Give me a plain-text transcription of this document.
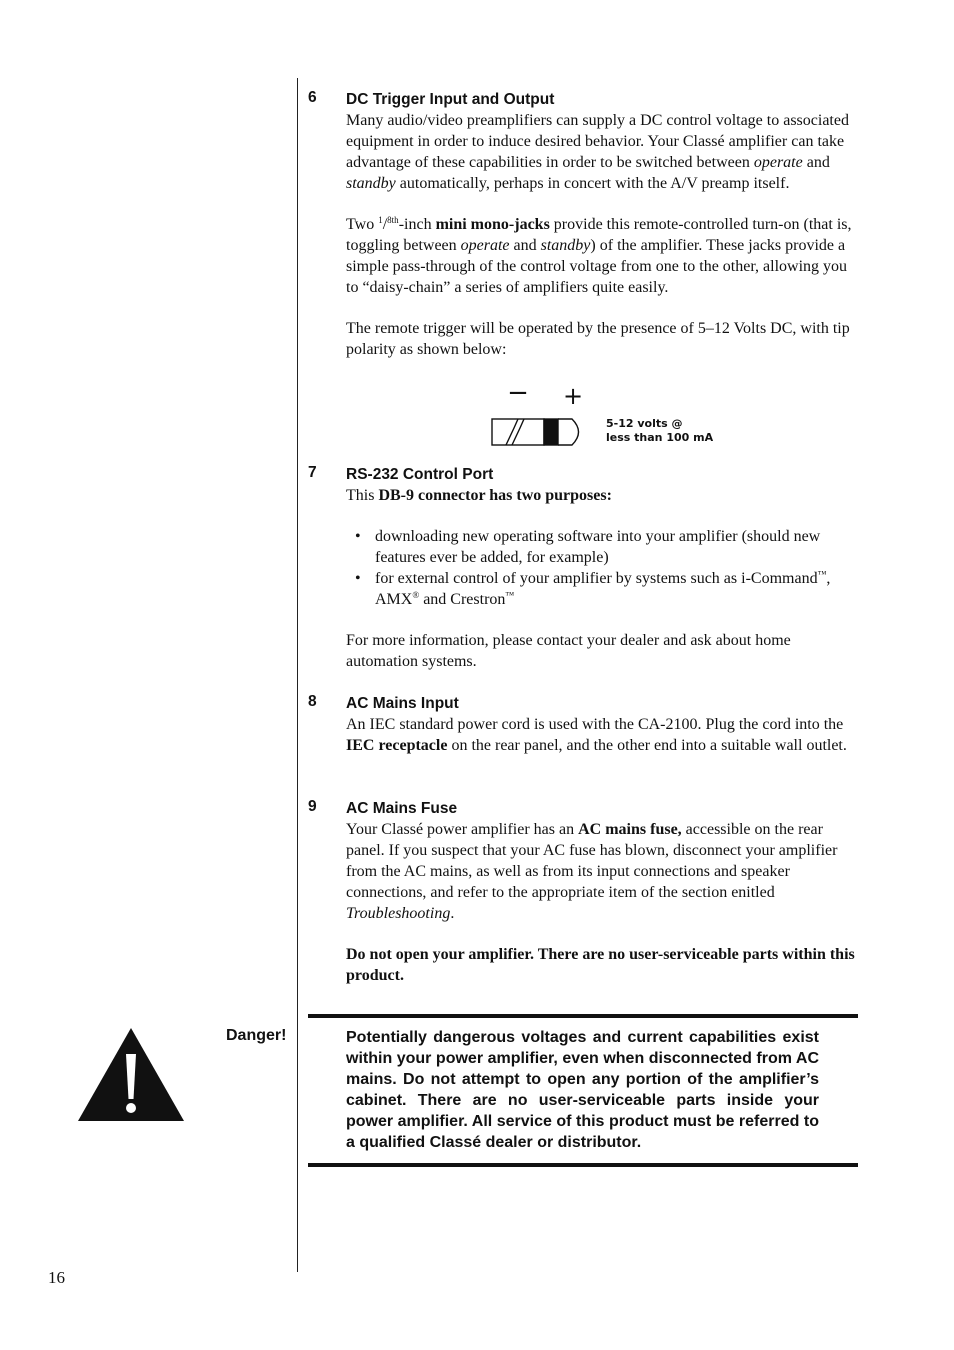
6 DC Trigger Input and Output

Many audio/video preamplifiers can supply a DC control voltage to associated equipment in order to induce desired behavior. Your Classé amplifier can take advantage of these capabilities in order to be switched between operate and standby automatically, perhaps in concert with the A/V preamp itself.

Two $^1$/$^{8th}$-inch mini mono-jacks provide this remote-controlled turn-on (that is, toggling between operate and standby) of the amplifier. These jacks provide a simple pass-through of the control voltage from one to the other, allowing you to “daisy-chain” a series of amplifiers quite easily.

The remote trigger will be operated by the presence of 5–12 Volts DC, with tip polarity as shown below:

− +
5-12 volts @
less than 100 mA
7 RS-232 Control Port

This DB-9 connector has two purposes:

• downloading new operating software into your amplifier (should new features ever be added, for example)
• for external control of your amplifier by systems such as i-Command™, AMX® and Crestron™

For more information, please contact your dealer and ask about home automation systems.

8 AC Mains Input

An IEC standard power cord is used with the CA-2100. Plug the cord into the IEC receptacle on the rear panel, and the other end into a suitable wall outlet.

9 AC Mains Fuse

Your Classé power amplifier has an AC mains fuse, accessible on the rear panel. If you suspect that your AC fuse has blown, disconnect your amplifier from the AC mains, as well as from its input connections and speaker connections, and refer to the appropriate item of the section enitled Troubleshooting.

Do not open your amplifier. There are no user-serviceable parts within this product.

Danger!	Potentially dangerous voltages and current capabilities exist within your power amplifier, even when disconnected from AC mains. Do not attempt to open any portion of the amplifier’s cabinet. There are no user-serviceable parts inside your power amplifier. All service of this product must be referred to a qualified Classé dealer or distributor.
16
